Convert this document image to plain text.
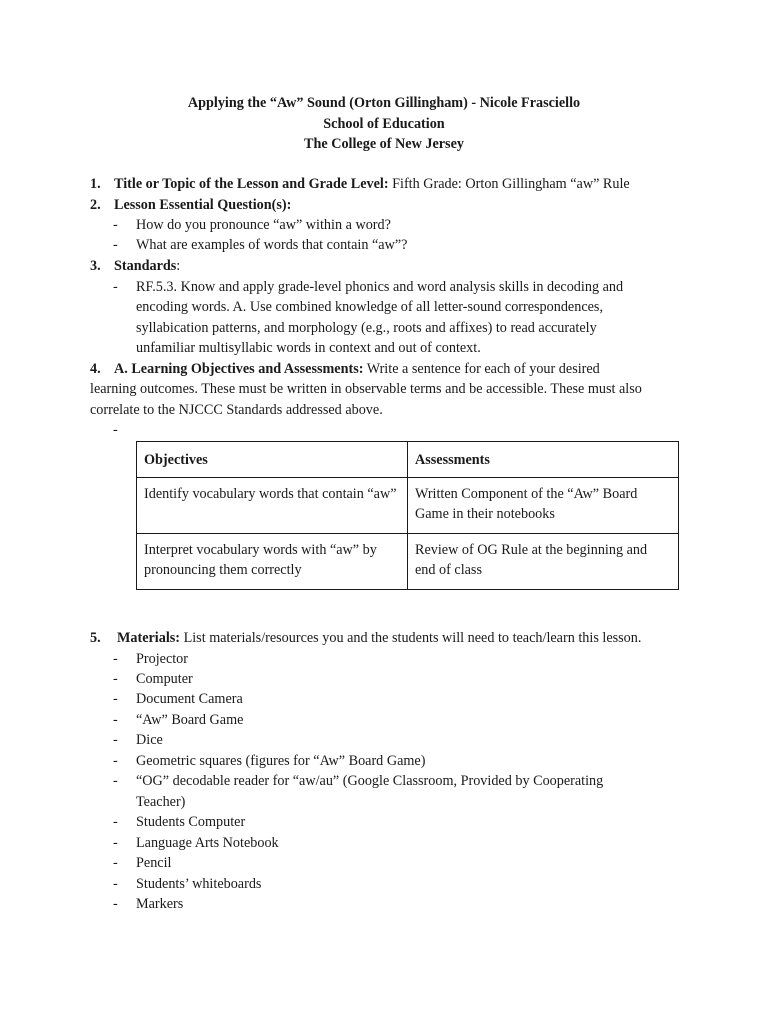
Applying the “Aw” Sound (Orton Gillingham) - Nicole Frasciello
School of Education
The College of New Jersey
1. Title or Topic of the Lesson and Grade Level: Fifth Grade: Orton Gillingham “aw” Rule
2. Lesson Essential Question(s):
-	How do you pronounce “aw” within a word?
-	What are examples of words that contain “aw”?
3. Standards:
-	RF.5.3. Know and apply grade-level phonics and word analysis skills in decoding and
encoding words. A. Use combined knowledge of all letter-sound correspondences,
syllabication patterns, and morphology (e.g., roots and affixes) to read accurately
unfamiliar multisyllabic words in context and out of context.
4. A. Learning Objectives and Assessments: Write a sentence for each of your desired
learning outcomes. These must be written in observable terms and be accessible. These must also
correlate to the NJCCC Standards addressed above.
-
Objectives	Assessments
Identify vocabulary words that contain “aw”	Written Component of the “Aw” Board Game in their notebooks
Interpret vocabulary words with “aw” by pronouncing them correctly	Review of OG Rule at the beginning and end of class
5.	Materials: List materials/resources you and the students will need to teach/learn this lesson.
-	Projector
-	Computer
-	Document Camera
-	“Aw” Board Game
-	Dice
-	Geometric squares (figures for “Aw” Board Game)
-	“OG” decodable reader for “aw/au” (Google Classroom, Provided by Cooperating Teacher)
-	Students Computer
-	Language Arts Notebook
-	Pencil
-	Students’ whiteboards
-	Markers
